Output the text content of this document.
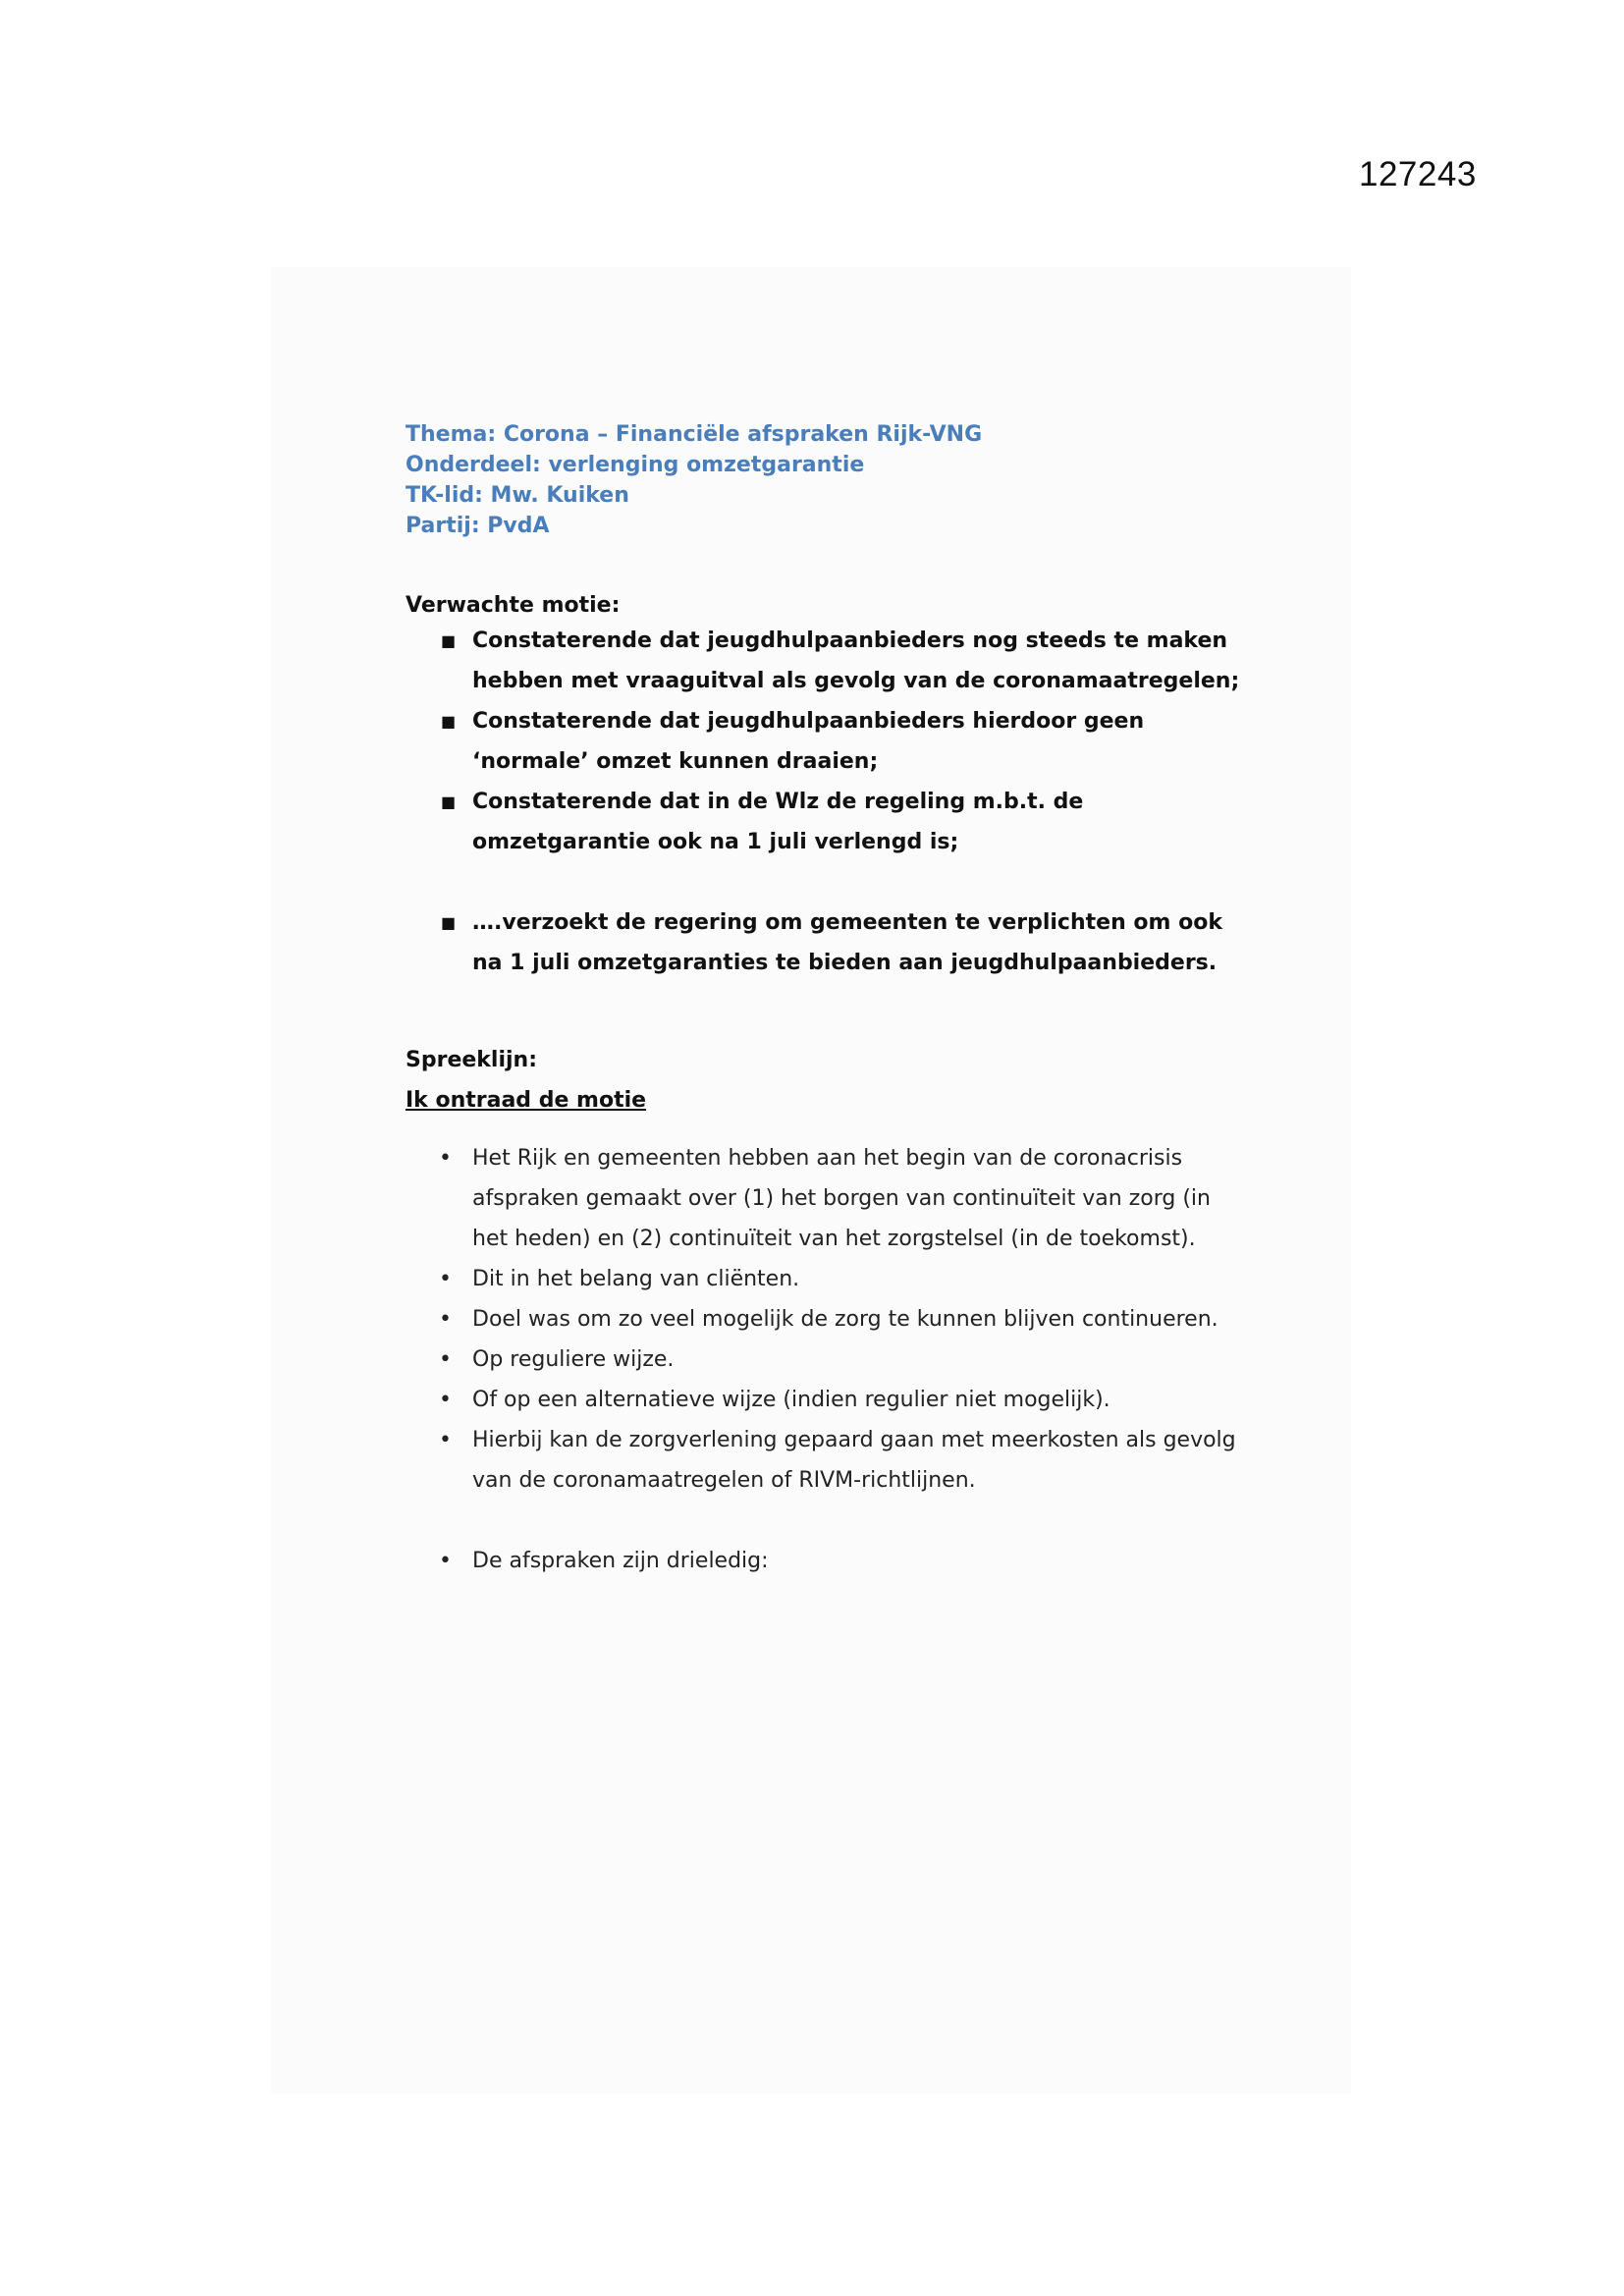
127243

Thema: Corona – Financiële afspraken Rijk-VNG

Onderdeel: verlenging omzetgarantie

TK-lid: Mw. Kuiken

Partij: PvdA

Verwachte motie:

■ Constaterende dat jeugdhulpaanbieders nog steeds te maken hebben met vraaguitval als gevolg van de coronamaatregelen;
■ Constaterende dat jeugdhulpaanbieders hierdoor geen ‘normale’ omzet kunnen draaien;
■ Constaterende dat in de Wlz de regeling m.b.t. de omzetgarantie ook na 1 juli verlengd is;
■ ….verzoekt de regering om gemeenten te verplichten om ook na 1 juli omzetgaranties te bieden aan jeugdhulpaanbieders.

Spreeklijn:

Ik ontraad de motie

• Het Rijk en gemeenten hebben aan het begin van de coronacrisis afspraken gemaakt over (1) het borgen van continuïteit van zorg (in het heden) en (2) continuïteit van het zorgstelsel (in de toekomst).
• Dit in het belang van cliënten.
• Doel was om zo veel mogelijk de zorg te kunnen blijven continueren.
• Op reguliere wijze.
• Of op een alternatieve wijze (indien regulier niet mogelijk).
• Hierbij kan de zorgverlening gepaard gaan met meerkosten als gevolg van de coronamaatregelen of RIVM-richtlijnen.
• De afspraken zijn drieledig:
